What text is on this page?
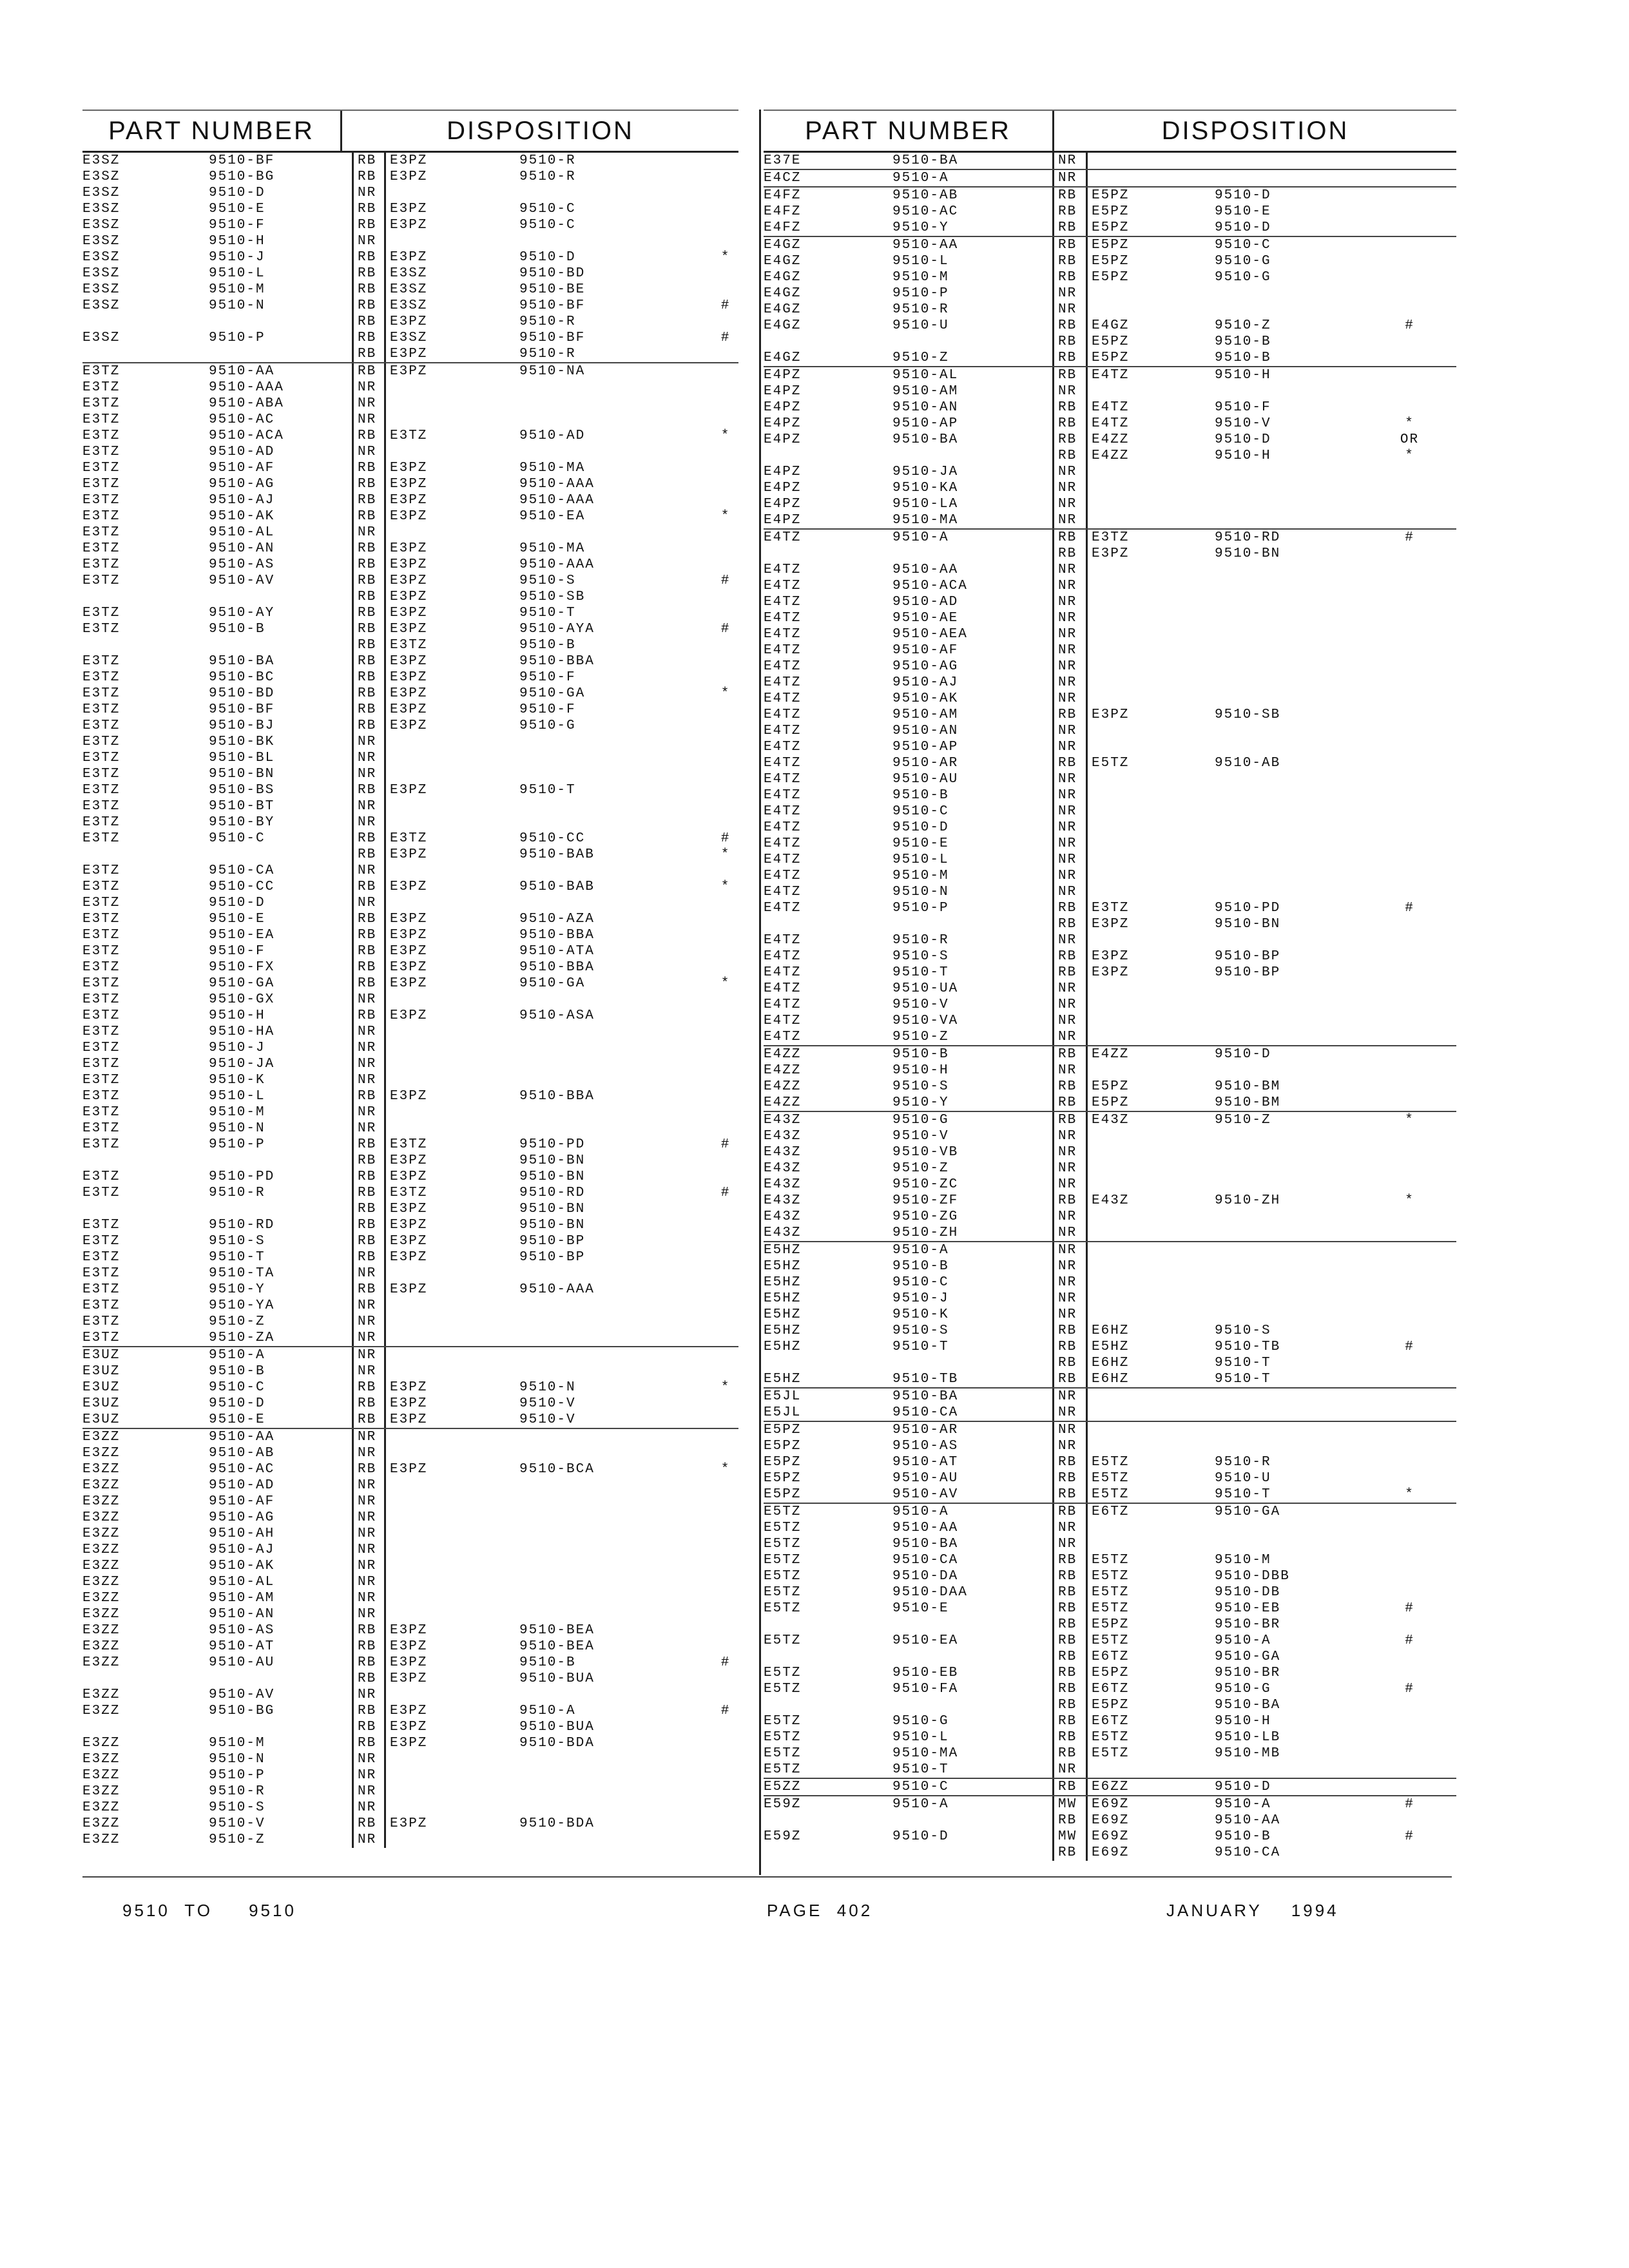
PART NUMBER	DISPOSITION
E3SZ	9510-BF	RB E3PZ	9510-R
E3SZ	9510-BG	RB E3PZ	9510-R
E3SZ	9510-D	NR
E3SZ	9510-E	RB E3PZ	9510-C
E3SZ	9510-F	RB E3PZ	9510-C
E3SZ	9510-H	NR
E3SZ	9510-J	RB E3PZ	9510-D	*
E3SZ	9510-L	RB E3SZ	9510-BD
E3SZ	9510-M	RB E3SZ	9510-BE
E3SZ	9510-N	RB E3SZ	9510-BF	#
RB E3PZ	9510-R
E3SZ	9510-P	RB E3SZ	9510-BF	#
RB E3PZ	9510-R
E3TZ	9510-AA	RB E3PZ	9510-NA
E3TZ	9510-AAA	NR
E3TZ	9510-ABA	NR
E3TZ	9510-AC	NR
E3TZ	9510-ACA	RB E3TZ	9510-AD	*
E3TZ	9510-AD	NR
E3TZ	9510-AF	RB E3PZ	9510-MA
E3TZ	9510-AG	RB E3PZ	9510-AAA
E3TZ	9510-AJ	RB E3PZ	9510-AAA
E3TZ	9510-AK	RB E3PZ	9510-EA	*
E3TZ	9510-AL	NR
E3TZ	9510-AN	RB E3PZ	9510-MA
E3TZ	9510-AS	RB E3PZ	9510-AAA
E3TZ	9510-AV	RB E3PZ	9510-S	#
RB E3PZ	9510-SB
E3TZ	9510-AY	RB E3PZ	9510-T
E3TZ	9510-B	RB E3PZ	9510-AYA	#
RB E3TZ	9510-B
E3TZ	9510-BA	RB E3PZ	9510-BBA
E3TZ	9510-BC	RB E3PZ	9510-F
E3TZ	9510-BD	RB E3PZ	9510-GA	*
E3TZ	9510-BF	RB E3PZ	9510-F
E3TZ	9510-BJ	RB E3PZ	9510-G
E3TZ	9510-BK	NR
E3TZ	9510-BL	NR
E3TZ	9510-BN	NR
E3TZ	9510-BS	RB E3PZ	9510-T
E3TZ	9510-BT	NR
E3TZ	9510-BY	NR
E3TZ	9510-C	RB E3TZ	9510-CC	#
RB E3PZ	9510-BAB	*
E3TZ	9510-CA	NR
E3TZ	9510-CC	RB E3PZ	9510-BAB	*
E3TZ	9510-D	NR
E3TZ	9510-E	RB E3PZ	9510-AZA
E3TZ	9510-EA	RB E3PZ	9510-BBA
E3TZ	9510-F	RB E3PZ	9510-ATA
E3TZ	9510-FX	RB E3PZ	9510-BBA
E3TZ	9510-GA	RB E3PZ	9510-GA	*
E3TZ	9510-GX	NR
E3TZ	9510-H	RB E3PZ	9510-ASA
E3TZ	9510-HA	NR
E3TZ	9510-J	NR
E3TZ	9510-JA	NR
E3TZ	9510-K	NR
E3TZ	9510-L	RB E3PZ	9510-BBA
E3TZ	9510-M	NR
E3TZ	9510-N	NR
E3TZ	9510-P	RB E3TZ	9510-PD	#
RB E3PZ	9510-BN
E3TZ	9510-PD	RB E3PZ	9510-BN
E3TZ	9510-R	RB E3TZ	9510-RD	#
RB E3PZ	9510-BN
E3TZ	9510-RD	RB E3PZ	9510-BN
E3TZ	9510-S	RB E3PZ	9510-BP
E3TZ	9510-T	RB E3PZ	9510-BP
E3TZ	9510-TA	NR
E3TZ	9510-Y	RB E3PZ	9510-AAA
E3TZ	9510-YA	NR
E3TZ	9510-Z	NR
E3TZ	9510-ZA	NR
E3UZ	9510-A	NR
E3UZ	9510-B	NR
E3UZ	9510-C	RB E3PZ	9510-N	*
E3UZ	9510-D	RB E3PZ	9510-V
E3UZ	9510-E	RB E3PZ	9510-V
E3ZZ	9510-AA	NR
E3ZZ	9510-AB	NR
E3ZZ	9510-AC	RB E3PZ	9510-BCA	*
E3ZZ	9510-AD	NR
E3ZZ	9510-AF	NR
E3ZZ	9510-AG	NR
E3ZZ	9510-AH	NR
E3ZZ	9510-AJ	NR
E3ZZ	9510-AK	NR
E3ZZ	9510-AL	NR
E3ZZ	9510-AM	NR
E3ZZ	9510-AN	NR
E3ZZ	9510-AS	RB E3PZ	9510-BEA
E3ZZ	9510-AT	RB E3PZ	9510-BEA
E3ZZ	9510-AU	RB E3PZ	9510-B	#
RB E3PZ	9510-BUA
E3ZZ	9510-AV	NR
E3ZZ	9510-BG	RB E3PZ	9510-A	#
RB E3PZ	9510-BUA
E3ZZ	9510-M	RB E3PZ	9510-BDA
E3ZZ	9510-N	NR
E3ZZ	9510-P	NR
E3ZZ	9510-R	NR
E3ZZ	9510-S	NR
E3ZZ	9510-V	RB E3PZ	9510-BDA
E3ZZ	9510-Z	NR
PART NUMBER	DISPOSITION
E37E	9510-BA	NR
E4CZ	9510-A	NR
E4FZ	9510-AB	RB	E5PZ	9510-D
E4FZ	9510-AC	RB	E5PZ	9510-E
E4FZ	9510-Y	RB	E5PZ	9510-D
E4GZ	9510-AA	RB	E5PZ	9510-C
E4GZ	9510-L	RB	E5PZ	9510-G
E4GZ	9510-M	RB	E5PZ	9510-G
E4GZ	9510-P	NR
E4GZ	9510-R	NR
E4GZ	9510-U	RB	E4GZ	9510-Z	#
RB	E5PZ	9510-B
E4GZ	9510-Z	RB	E5PZ	9510-B
E4PZ	9510-AL	RB	E4TZ	9510-H
E4PZ	9510-AM	NR
E4PZ	9510-AN	RB	E4TZ	9510-F
E4PZ	9510-AP	RB	E4TZ	9510-V	*
E4PZ	9510-BA	RB	E4ZZ	9510-D	OR
RB	E4ZZ	9510-H	*
E4PZ	9510-JA	NR
E4PZ	9510-KA	NR
E4PZ	9510-LA	NR
E4PZ	9510-MA	NR
E4TZ	9510-A	RB	E3TZ	9510-RD	#
RB	E3PZ	9510-BN
E4TZ	9510-AA	NR
E4TZ	9510-ACA	NR
E4TZ	9510-AD	NR
E4TZ	9510-AE	NR
E4TZ	9510-AEA	NR
E4TZ	9510-AF	NR
E4TZ	9510-AG	NR
E4TZ	9510-AJ	NR
E4TZ	9510-AK	NR
E4TZ	9510-AM	RB	E3PZ	9510-SB
E4TZ	9510-AN	NR
E4TZ	9510-AP	NR
E4TZ	9510-AR	RB	E5TZ	9510-AB
E4TZ	9510-AU	NR
E4TZ	9510-B	NR
E4TZ	9510-C	NR
E4TZ	9510-D	NR
E4TZ	9510-E	NR
E4TZ	9510-L	NR
E4TZ	9510-M	NR
E4TZ	9510-N	NR
E4TZ	9510-P	RB	E3TZ	9510-PD	#
RB	E3PZ	9510-BN
E4TZ	9510-R	NR
E4TZ	9510-S	RB	E3PZ	9510-BP
E4TZ	9510-T	RB	E3PZ	9510-BP
E4TZ	9510-UA	NR
E4TZ	9510-V	NR
E4TZ	9510-VA	NR
E4TZ	9510-Z	NR
E4ZZ	9510-B	RB	E4ZZ	9510-D
E4ZZ	9510-H	NR
E4ZZ	9510-S	RB	E5PZ	9510-BM
E4ZZ	9510-Y	RB	E5PZ	9510-BM
E43Z	9510-G	RB	E43Z	9510-Z	*
E43Z	9510-V	NR
E43Z	9510-VB	NR
E43Z	9510-Z	NR
E43Z	9510-ZC	NR
E43Z	9510-ZF	RB	E43Z	9510-ZH	*
E43Z	9510-ZG	NR
E43Z	9510-ZH	NR
E5HZ	9510-A	NR
E5HZ	9510-B	NR
E5HZ	9510-C	NR
E5HZ	9510-J	NR
E5HZ	9510-K	NR
E5HZ	9510-S	RB	E6HZ	9510-S
E5HZ	9510-T	RB	E5HZ	9510-TB	#
RB	E6HZ	9510-T
E5HZ	9510-TB	RB	E6HZ	9510-T
E5JL	9510-BA	NR
E5JL	9510-CA	NR
E5PZ	9510-AR	NR
E5PZ	9510-AS	NR
E5PZ	9510-AT	RB	E5TZ	9510-R
E5PZ	9510-AU	RB	E5TZ	9510-U
E5PZ	9510-AV	RB	E5TZ	9510-T	*
E5TZ	9510-A	RB	E6TZ	9510-GA
E5TZ	9510-AA	NR
E5TZ	9510-BA	NR
E5TZ	9510-CA	RB	E5TZ	9510-M
E5TZ	9510-DA	RB	E5TZ	9510-DBB
E5TZ	9510-DAA	RB	E5TZ	9510-DB
E5TZ	9510-E	RB	E5TZ	9510-EB	#
RB	E5PZ	9510-BR
E5TZ	9510-EA	RB	E5TZ	9510-A	#
RB	E6TZ	9510-GA
E5TZ	9510-EB	RB	E5PZ	9510-BR
E5TZ	9510-FA	RB	E6TZ	9510-G	#
RB	E5PZ	9510-BA
E5TZ	9510-G	RB	E6TZ	9510-H
E5TZ	9510-L	RB	E5TZ	9510-LB
E5TZ	9510-MA	RB	E5TZ	9510-MB
E5TZ	9510-T	NR
E5ZZ	9510-C	RB	E6ZZ	9510-D
E59Z	9510-A	MW	E69Z	9510-A	#
RB	E69Z	9510-AA
E59Z	9510-D	MW	E69Z	9510-B	#
RB	E69Z	9510-CA
9510 TO 9510	PAGE 402	JANUARY 1994
